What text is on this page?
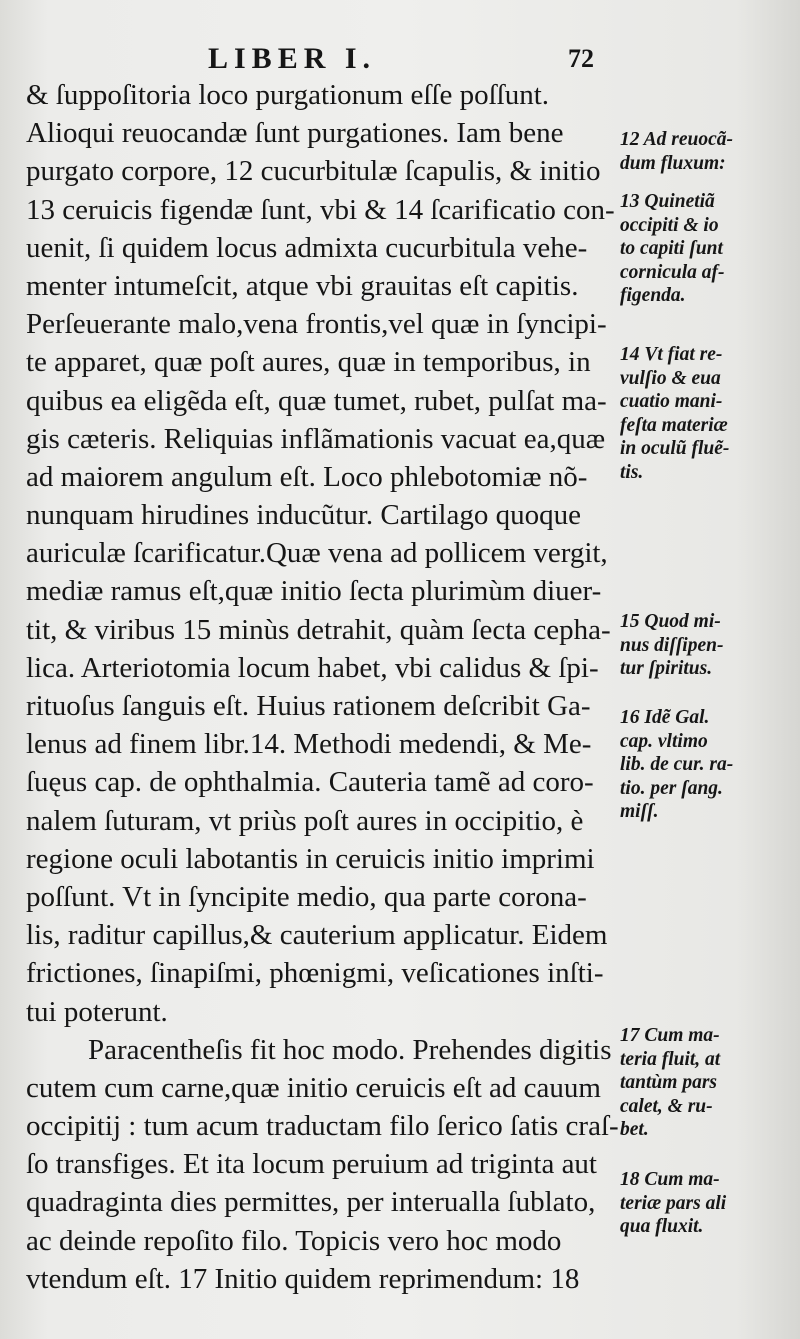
LIBER I.	72
& ſuppoſitoria loco purgationum eſſe poſſunt.
Alioqui reuocandæ ſunt purgationes. Iam bene
purgato corpore, 12 cucurbitulæ ſcapulis, & initio
13 ceruicis figendæ ſunt, vbi & 14 ſcarificatio con-
uenit, ſi quidem locus admixta cucurbitula vehe-
menter intumeſcit, atque vbi grauitas eſt capitis.
Perſeuerante malo,vena frontis,vel quæ in ſyncipi-
te apparet, quæ poſt aures, quæ in temporibus, in
quibus ea eligẽda eſt, quæ tumet, rubet, pulſat ma-
gis cæteris. Reliquias inflãmationis vacuat ea,quæ
ad maiorem angulum eſt. Loco phlebotomiæ nõ-
nunquam hirudines inducũtur. Cartilago quoque
auriculæ ſcarificatur.Quæ vena ad pollicem vergit,
mediæ ramus eſt,quæ initio ſecta plurimùm diuer-
tit, & viribus 15 minùs detrahit, quàm ſecta cepha-
lica. Arteriotomia locum habet, vbi calidus & ſpi-
rituoſus ſanguis eſt. Huius rationem deſcribit Ga-
lenus ad finem libr.14. Methodi medendi, & Me-
ſuęus cap. de ophthalmia. Cauteria tamẽ ad coro-
nalem ſuturam, vt priùs poſt aures in occipitio, è
regione oculi labotantis in ceruicis initio imprimi
poſſunt. Vt in ſyncipite medio, qua parte corona-
lis, raditur capillus,& cauterium applicatur. Eidem
frictiones, ſinapiſmi, phœnigmi, veſicationes inſti-
tui poterunt.
Paracentheſis fit hoc modo. Prehendes digitis
cutem cum carne,quæ initio ceruicis eſt ad cauum
occipitij : tum acum traductam filo ſerico ſatis craſ-
ſo transfiges. Et ita locum peruium ad triginta aut
quadraginta dies permittes, per interualla ſublato,
ac deinde repoſito filo. Topicis vero hoc modo
vtendum eſt. 17 Initio quidem reprimendum: 18
12 Ad reuocã-
dum fluxum:
13 Quinetiã
occipiti & io
to capiti ſunt
cornicula af-
figenda.
14 Vt fiat re-
vulſio & eua
cuatio mani-
feſta materiæ
in oculũ fluẽ-
tis.
15 Quod mi-
nus diſſipen-
tur ſpiritus.
16 Idẽ Gal.
cap. vltimo
lib. de cur. ra-
tio. per ſang.
miſſ.
17 Cum ma-
teria fluit, at
tantùm pars
calet, & ru-
bet.
18 Cum ma-
teriæ pars ali
qua fluxit.
